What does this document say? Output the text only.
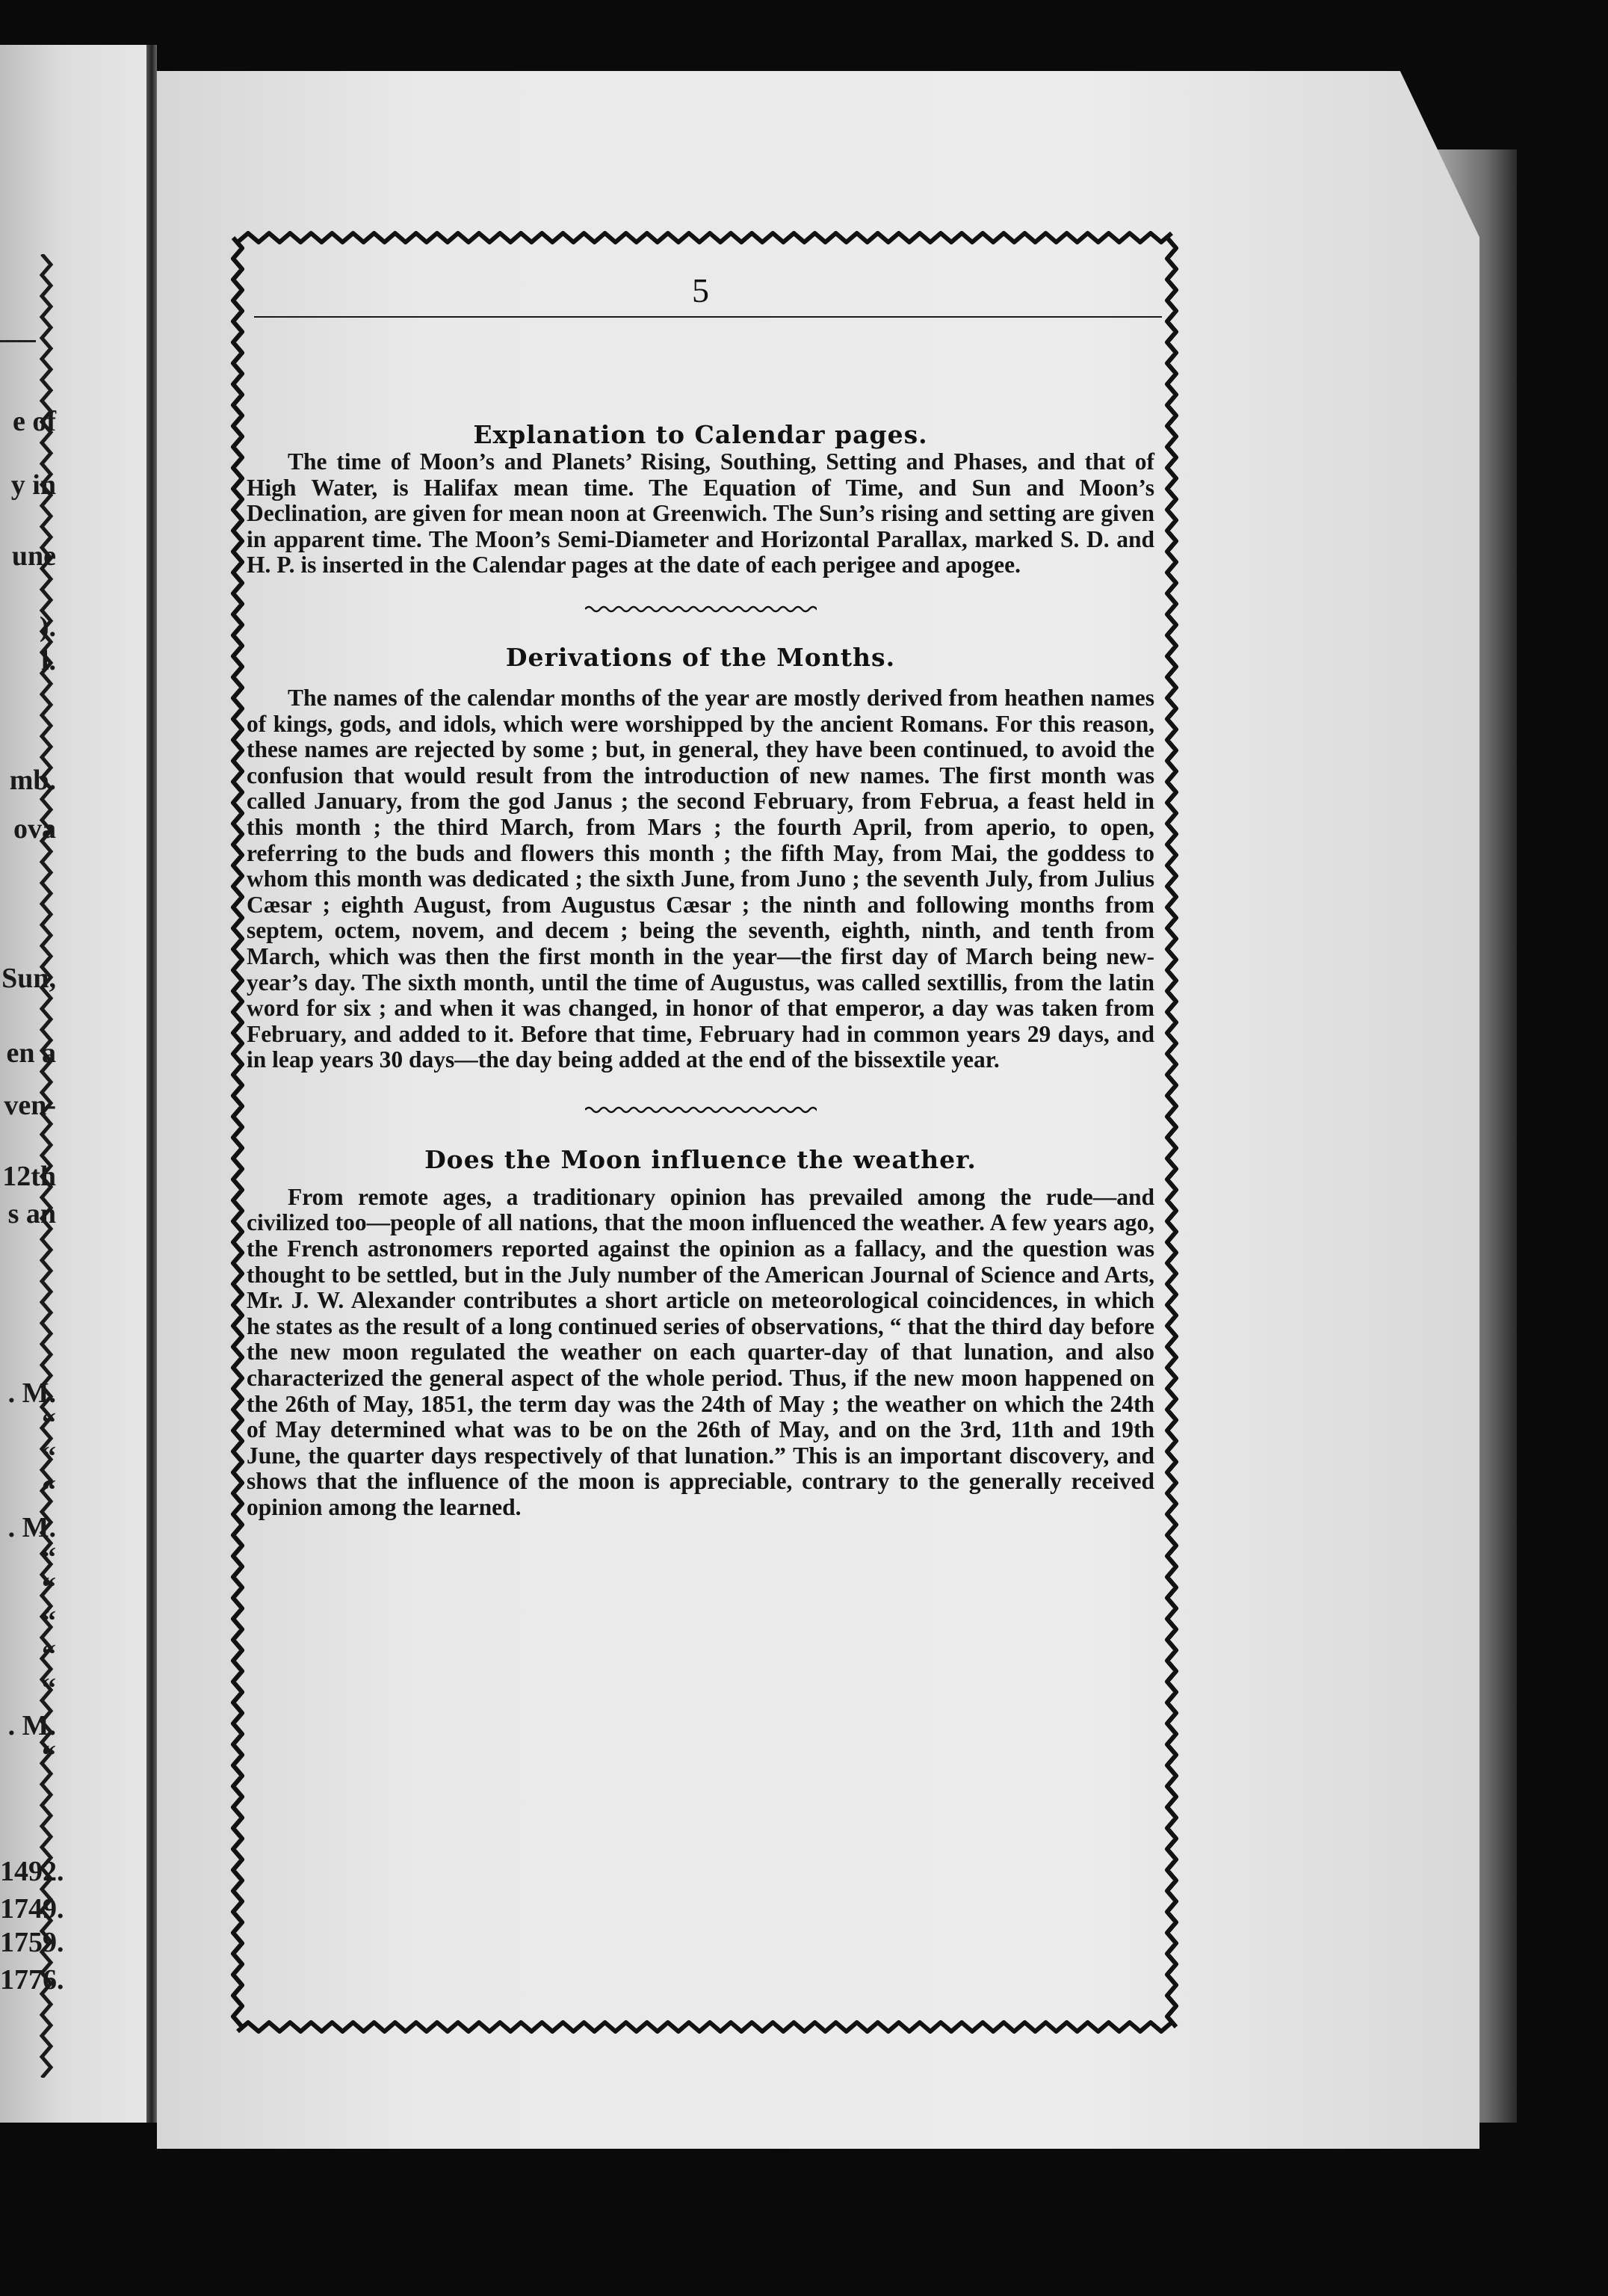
e of
y in
une
).
l.
mb.
ova
Sun,
en a
ven-
12th
s an
. M.
“
“
“
. M.
“
“
“
“
“
. M.
“
1492.
1749.
1759.
1776.
5
Explanation to Calendar pages.

The time of Moon’s and Planets’ Rising, Southing, Setting and Phases, and that of High Water, is Halifax mean time. The Equation of Time, and Sun and Moon’s Declination, are given for mean noon at Greenwich. The Sun’s rising and setting are given in apparent time. The Moon’s Semi-Diameter and Horizontal Parallax, marked S. D. and H. P. is inserted in the Calendar pages at the date of each perigee and apogee.

Derivations of the Months.

The names of the calendar months of the year are mostly derived from heathen names of kings, gods, and idols, which were worshipped by the ancient Romans. For this reason, these names are rejected by some ; but, in general, they have been continued, to avoid the confusion that would result from the introduction of new names. The first month was called January, from the god Janus ; the second February, from Februa, a feast held in this month ; the third March, from Mars ; the fourth April, from aperio, to open, referring to the buds and flowers this month ; the fifth May, from Mai, the goddess to whom this month was dedicated ; the sixth June, from Juno ; the seventh July, from Julius Cæsar ; eighth August, from Augustus Cæsar ; the ninth and following months from septem, octem, novem, and decem ; being the seventh, eighth, ninth, and tenth from March, which was then the first month in the year—the first day of March being new-year’s day. The sixth month, until the time of Augustus, was called sextillis, from the latin word for six ; and when it was changed, in honor of that emperor, a day was taken from February, and added to it. Before that time, February had in common years 29 days, and in leap years 30 days—the day being added at the end of the bissextile year.

Does the Moon influence the weather.

From remote ages, a traditionary opinion has prevailed among the rude—and civilized too—people of all nations, that the moon influenced the weather. A few years ago, the French astronomers reported against the opinion as a fallacy, and the question was thought to be settled, but in the July number of the American Journal of Science and Arts, Mr. J. W. Alexander contributes a short article on meteorological coincidences, in which he states as the result of a long continued series of observations, “ that the third day before the new moon regulated the weather on each quarter-day of that lunation, and also characterized the general aspect of the whole period. Thus, if the new moon happened on the 26th of May, 1851, the term day was the 24th of May ; the weather on which the 24th of May determined what was to be on the 26th of May, and on the 3rd, 11th and 19th June, the quarter days respectively of that lunation.” This is an important discovery, and shows that the influence of the moon is appreciable, contrary to the generally received opinion among the learned.
